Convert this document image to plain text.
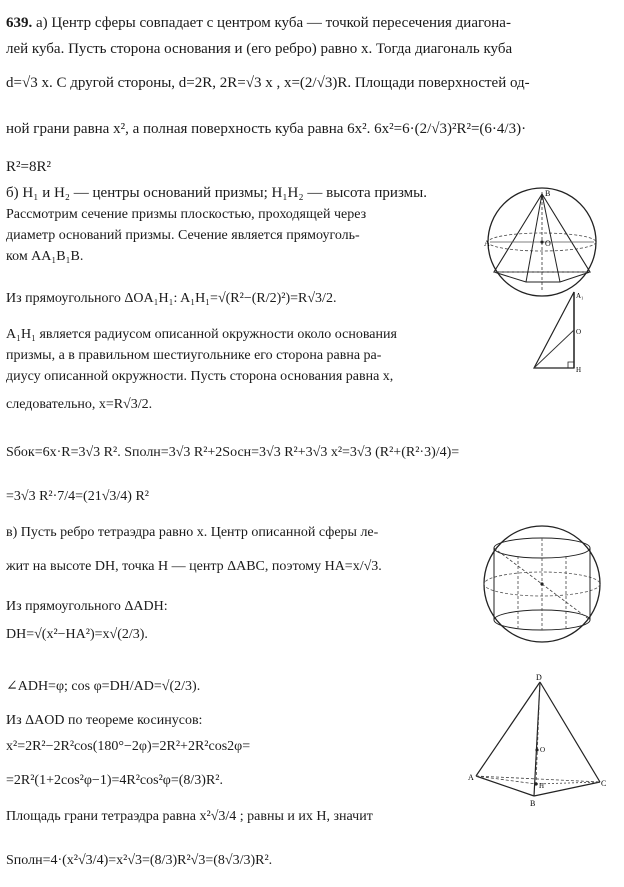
639. а) Центр сферы совпадает с центром куба — точкой пересечения диагона-
лей куба. Пусть сторона основания и (его ребро) равно x. Тогда диагональ куба
d=√3 x. С другой стороны, d=2R, 2R=√3 x , x=(2/√3)R. Площади поверхностей од-
ной грани равна x², а полная поверхность куба равна 6x². 6x²=6·(2/√3)²R²=(6·4/3)·
R²=8R²
б) H₁ и H₂ — центры оснований призмы; H₁H₂ — высота призмы.
Рассмотрим сечение призмы плоскостью, проходящей через
диаметр оснований призмы. Сечение является прямоуголь-
ком AA₁B₁B.
Из прямоугольного ΔOA₁H₁: A₁H₁=√(R²−(R/2)²)=R√3/2.
A₁H₁ является радиусом описанной окружности около основания
призмы, а в правильном шестиугольнике его сторона равна ра-
диусу описанной окружности. Пусть сторона основания равна x,
следовательно, x=R√3/2.
Sбок=6x·R=3√3 R². Sполн=3√3 R²+2Sосн=3√3 R²+3√3 x²=3√3 (R²+(R²·3)/4)=
=3√3 R²·7/4=(21√3/4) R²
в) Пусть ребро тетраэдра равно x. Центр описанной сферы ле-
жит на высоте DH, точка H — центр ΔABC, поэтому HA=x/√3.
Из прямоугольного ΔADH:
DH=√(x²−HA²)=x√(2/3).
∠ADH=φ; cos φ=DH/AD=√(2/3).
Из ΔAOD по теореме косинусов:
x²=2R²−2R²cos(180°−2φ)=2R²+2R²cos2φ=
=2R²(1+2cos²φ−1)=4R²cos²φ=(8/3)R².
Площадь грани тетраэдра равна x²√3/4 ; равны и их H, значит
Sполн=4·(x²√3/4)=x²√3=(8/3)R²√3=(8√3/3)R².
B
A	O
A₁
H
O
D
A
B
C
H
O
